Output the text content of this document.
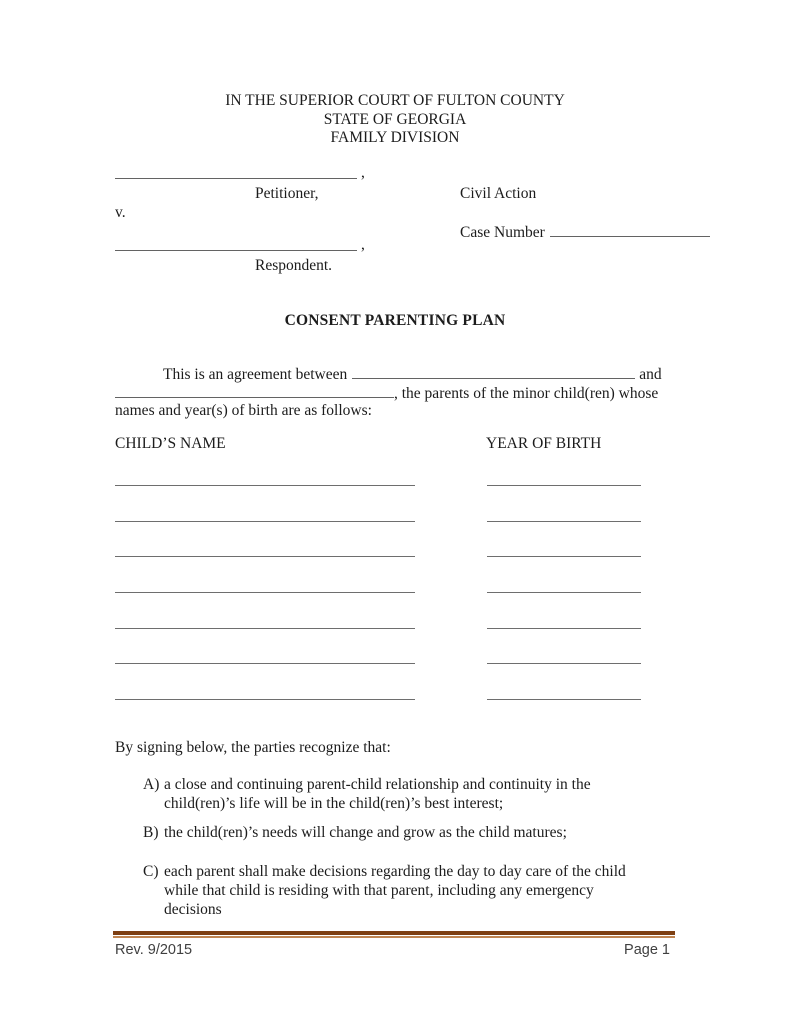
IN THE SUPERIOR COURT OF FULTON COUNTY
STATE OF GEORGIA
FAMILY DIVISION
,
Petitioner,	Civil Action
v.
Case Number
,
Respondent.
CONSENT PARENTING PLAN
This is an agreement between	and
, the parents of the minor child(ren) whose
names and year(s) of birth are as follows:
CHILD’S NAME	YEAR OF BIRTH
By signing below, the parties recognize that:
A) a close and continuing parent-child relationship and continuity in the child(ren)’s life will be in the child(ren)’s best interest;
B) the child(ren)’s needs will change and grow as the child matures;
C) each parent shall make decisions regarding the day to day care of the child while that child is residing with that parent, including any emergency decisions
Rev. 9/2015	Page 1
